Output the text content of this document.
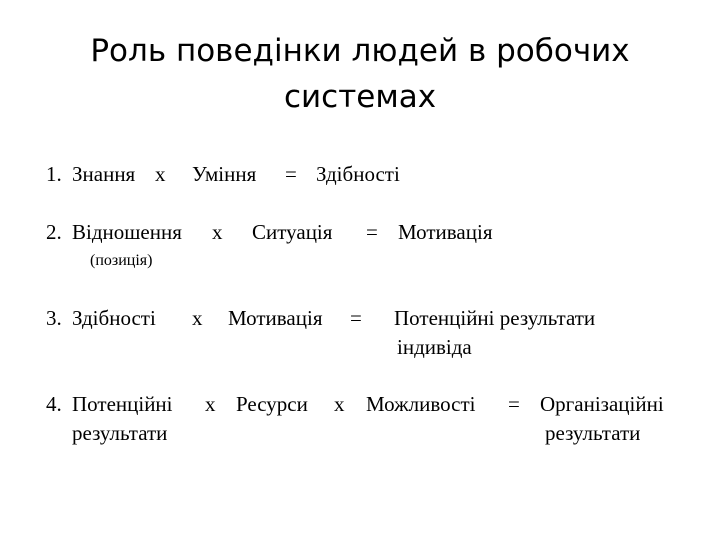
Роль поведінки людей в робочих
системах
1. Знання х Уміння = Здібності
2. Відношення
(позиція)
х Ситуація = Мотивація
3. Здібності х Мотивація = Потенційні результати
індивіда
4. Потенційні
результати
х Ресурси х Можливості = Організаційні
результати
